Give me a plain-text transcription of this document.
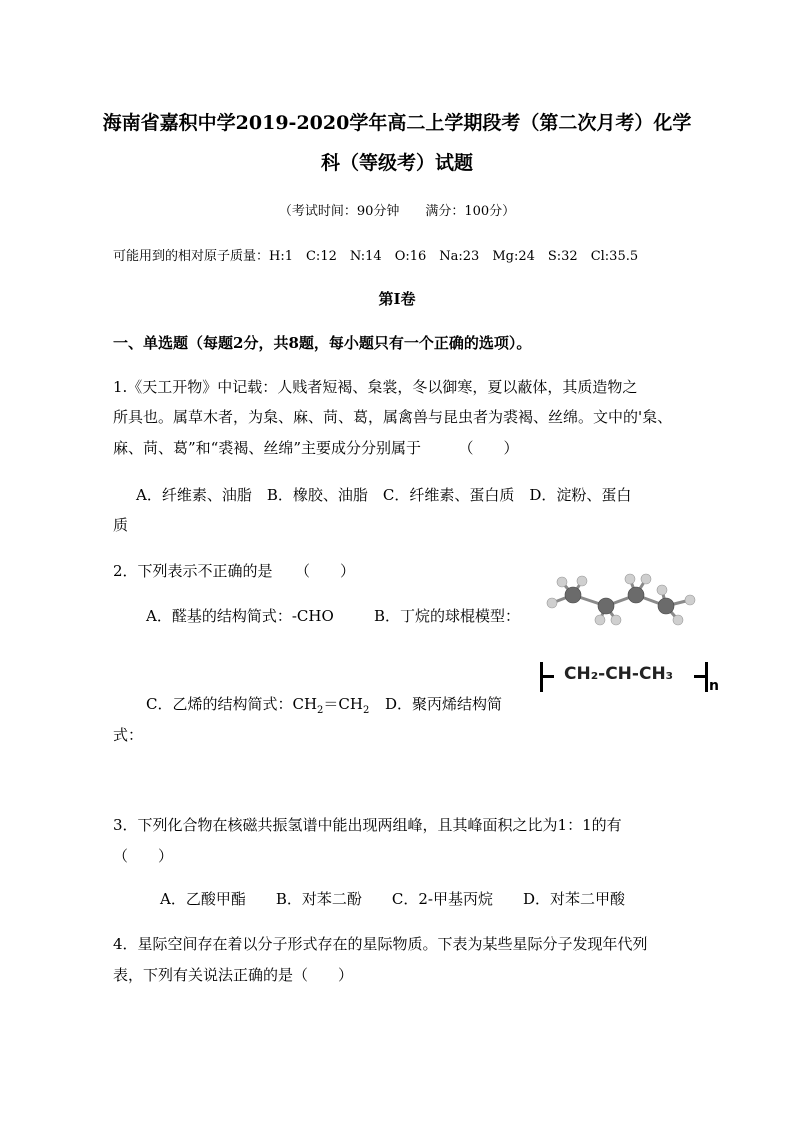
海南省嘉积中学2019-2020学年高二上学期段考（第二次月考）化学
科（等级考）试题
（考试时间：90分钟　　满分：100分）
可能用到的相对原子质量：H:1　C:12　N:14　O:16　Na:23　Mg:24　S:32　Cl:35.5
第Ⅰ卷
一、单选题（每题2分，共8题，每小题只有一个正确的选项）。
1.《天工开物》中记载：人贱者短褐、枲裳，冬以御寒，夏以蔽体，其质造物之
所具也。属草木者，为枲、麻、苘、葛，属禽兽与昆虫者为裘褐、丝绵。文中的'枲、
麻、苘、葛”和“裘褐、丝绵”主要成分分别属于　　　（　　）
A．纤维素、油脂　B．橡胶、油脂　C．纤维素、蛋白质　D．淀粉、蛋白
质
2．下列表示不正确的是　　（　　）
A．醛基的结构简式：-CHO	B．丁烷的球棍模型：
CH₂-CH-CH₃
n
C．乙烯的结构简式：$CH_2=CH_2$ D．聚丙烯结构简
式：
3．下列化合物在核磁共振氢谱中能出现两组峰，且其峰面积之比为1：1的有
（　　）
A．乙酸甲酯　　B．对苯二酚　　C．2-甲基丙烷　　D．对苯二甲酸
4．星际空间存在着以分子形式存在的星际物质。下表为某些星际分子发现年代列
表，下列有关说法正确的是（　　）
